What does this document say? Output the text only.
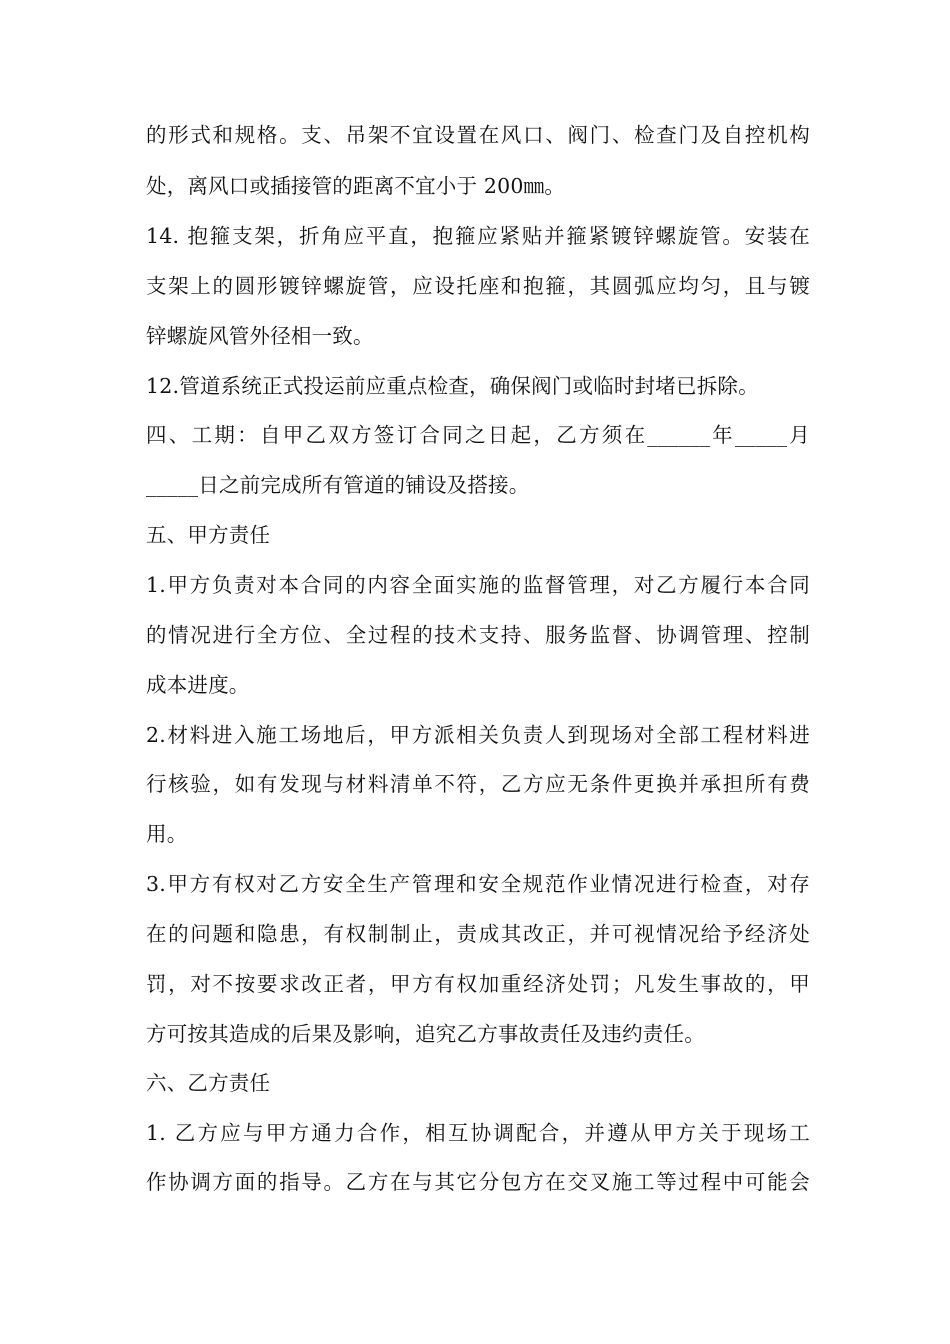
的形式和规格。支、吊架不宜设置在风口、阀门、检查门及自控机构
处，离风口或插接管的距离不宜小于 200㎜。
14. 抱箍支架，折角应平直，抱箍应紧贴并箍紧镀锌螺旋管。安装在
支架上的圆形镀锌螺旋管，应设托座和抱箍，其圆弧应均匀，且与镀
锌螺旋风管外径相一致。
12.管道系统正式投运前应重点检查，确保阀门或临时封堵已拆除。
四、工期：自甲乙双方签订合同之日起，乙方须在______年_____月
_____日之前完成所有管道的铺设及搭接。
五、甲方责任
1.甲方负责对本合同的内容全面实施的监督管理，对乙方履行本合同
的情况进行全方位、全过程的技术支持、服务监督、协调管理、控制
成本进度。
2.材料进入施工场地后，甲方派相关负责人到现场对全部工程材料进
行核验，如有发现与材料清单不符，乙方应无条件更换并承担所有费
用。
3.甲方有权对乙方安全生产管理和安全规范作业情况进行检查，对存
在的问题和隐患，有权制制止，责成其改正，并可视情况给予经济处
罚，对不按要求改正者，甲方有权加重经济处罚；凡发生事故的，甲
方可按其造成的后果及影响，追究乙方事故责任及违约责任。
六、乙方责任
1. 乙方应与甲方通力合作，相互协调配合，并遵从甲方关于现场工
作协调方面的指导。乙方在与其它分包方在交叉施工等过程中可能会
